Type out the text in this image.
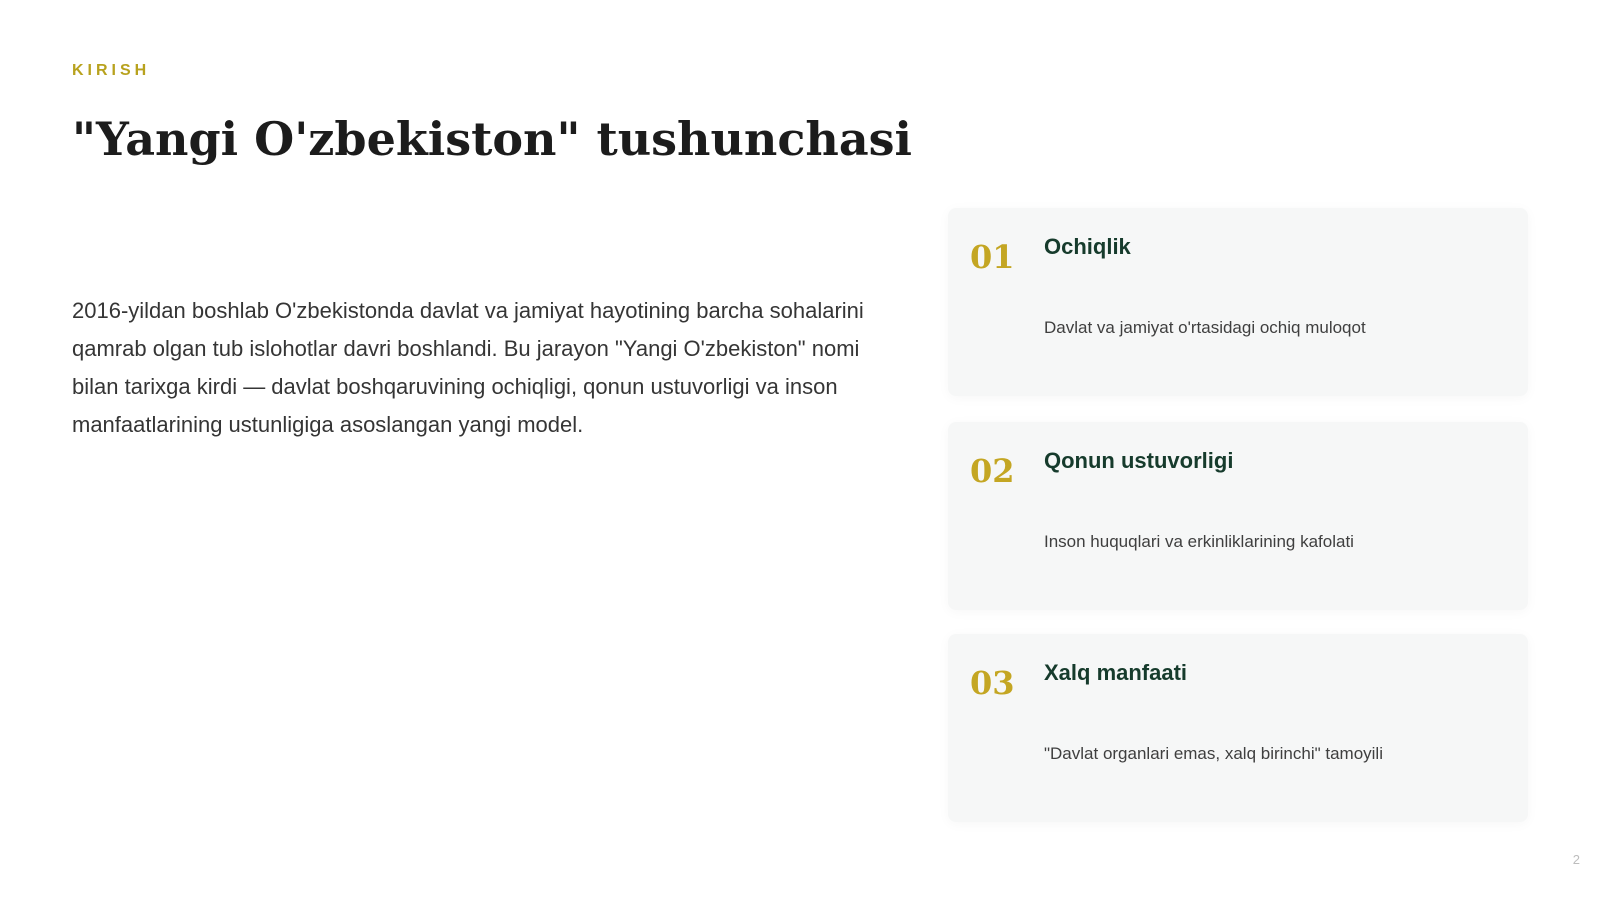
KIRISH
"Yangi O'zbekiston" tushunchasi

2016-yildan boshlab O'zbekistonda davlat va jamiyat hayotining barcha sohalarini qamrab olgan tub islohotlar davri boshlandi. Bu jarayon "Yangi O'zbekiston" nomi bilan tarixga kirdi — davlat boshqaruvining ochiqligi, qonun ustuvorligi va inson manfaatlarining ustunligiga asoslangan yangi model.

01 Ochiqlik
Davlat va jamiyat o'rtasidagi ochiq muloqot
02 Qonun ustuvorligi
Inson huquqlari va erkinliklarining kafolati
03 Xalq manfaati
"Davlat organlari emas, xalq birinchi" tamoyili
2
